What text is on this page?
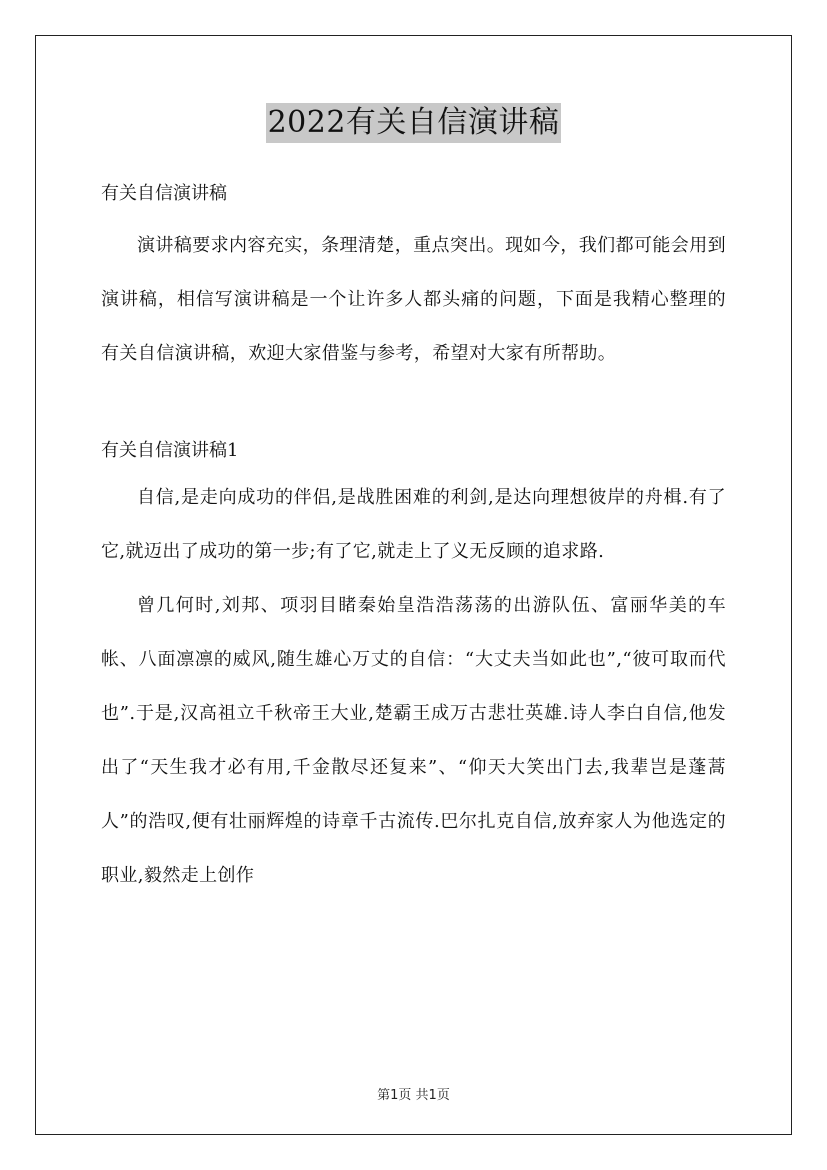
2022有关自信演讲稿

有关自信演讲稿

演讲稿要求内容充实，条理清楚，重点突出。现如今，我们都可能会用到演讲稿，相信写演讲稿是一个让许多人都头痛的问题，下面是我精心整理的有关自信演讲稿，欢迎大家借鉴与参考，希望对大家有所帮助。

有关自信演讲稿1

自信,是走向成功的伴侣,是战胜困难的利剑,是达向理想彼岸的舟楫.有了它,就迈出了成功的第一步;有了它,就走上了义无反顾的追求路.

曾几何时,刘邦、项羽目睹秦始皇浩浩荡荡的出游队伍、富丽华美的车帐、八面凛凛的威风,随生雄心万丈的自信：“大丈夫当如此也”,“彼可取而代也”.于是,汉高祖立千秋帝王大业,楚霸王成万古悲壮英雄.诗人李白自信,他发出了“天生我才必有用,千金散尽还复来”、“仰天大笑出门去,我辈岂是蓬蒿人”的浩叹,便有壮丽辉煌的诗章千古流传.巴尔扎克自信,放弃家人为他选定的职业,毅然走上创作

第1页 共1页
